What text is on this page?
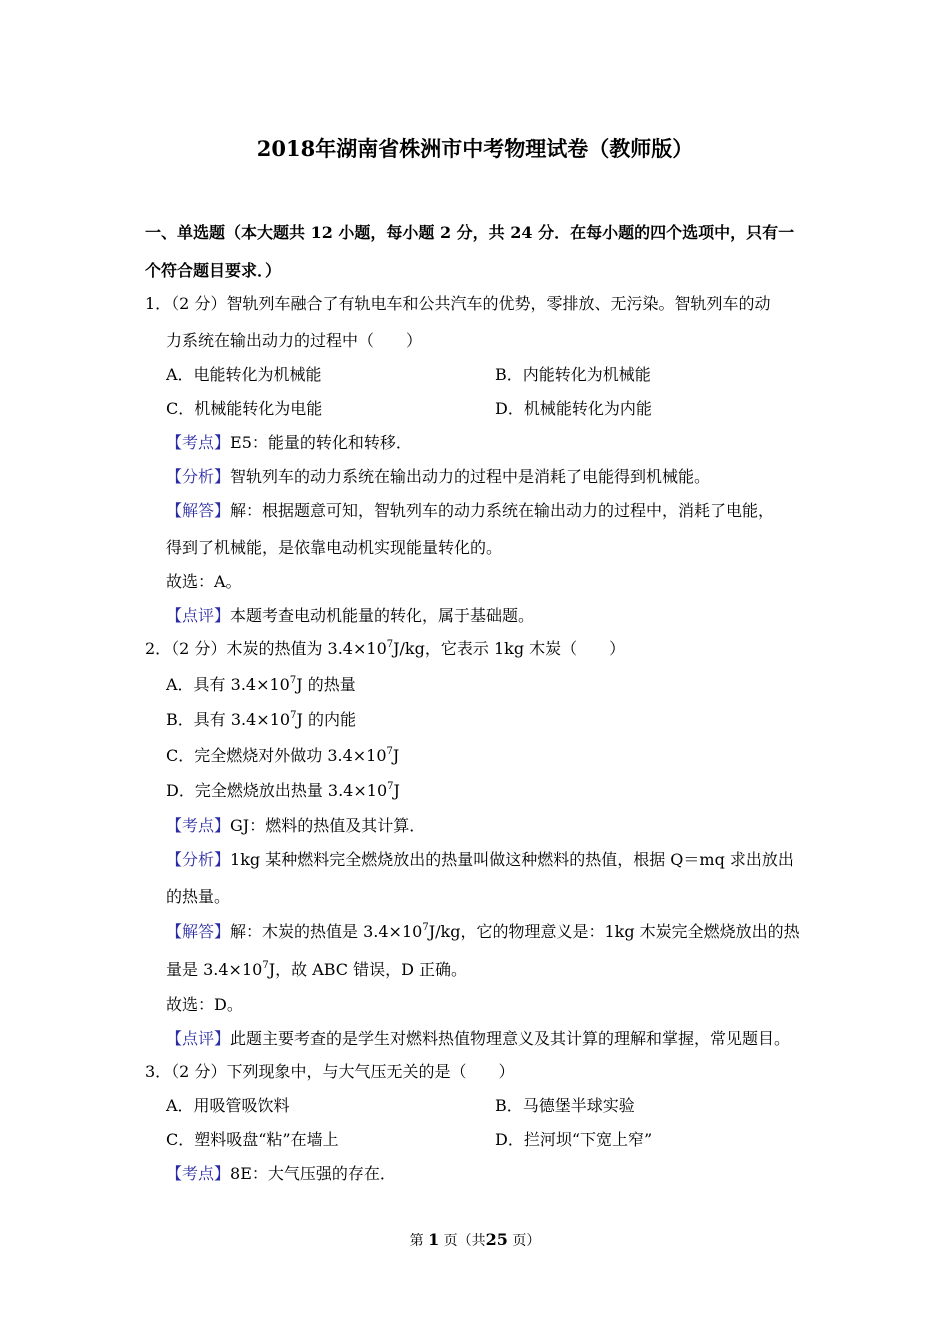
2018年湖南省株洲市中考物理试卷（教师版）
一、单选题（本大题共 12 小题，每小题 2 分，共 24 分．在每小题的四个选项中，只有一
个符合题目要求．）
1．（2 分）智轨列车融合了有轨电车和公共汽车的优势，零排放、无污染。智轨列车的动
力系统在输出动力的过程中（　　）
A．电能转化为机械能	B．内能转化为机械能
C．机械能转化为电能	D．机械能转化为内能
【考点】E5：能量的转化和转移．
【分析】智轨列车的动力系统在输出动力的过程中是消耗了电能得到机械能。
【解答】解：根据题意可知，智轨列车的动力系统在输出动力的过程中，消耗了电能，
得到了机械能，是依靠电动机实现能量转化的。
故选：A。
【点评】本题考查电动机能量的转化，属于基础题。
2．（2 分）木炭的热值为 $3.4\times 10^7J/kg$，它表示 1kg 木炭（　　）
A．具有 $3.4\times 10^7J$ 的热量
B．具有 $3.4\times 10^7J$ 的内能
C．完全燃烧对外做功 $3.4\times 10^7J$
D．完全燃烧放出热量 $3.4\times 10^7J$
【考点】GJ：燃料的热值及其计算．
【分析】1kg 某种燃料完全燃烧放出的热量叫做这种燃料的热值，根据 Q＝mq 求出放出
的热量。
【解答】解：木炭的热值是 $3.4\times 10^7J/kg$，它的物理意义是：1kg 木炭完全燃烧放出的热
量是 $3.4\times 10^7J$，故 ABC 错误，D 正确。
故选：D。
【点评】此题主要考查的是学生对燃料热值物理意义及其计算的理解和掌握，常见题目。
3．（2 分）下列现象中，与大气压无关的是（　　）
A．用吸管吸饮料	B．马德堡半球实验
C．塑料吸盘“粘”在墙上	D．拦河坝“下宽上窄”
【考点】8E：大气压强的存在．
第 1 页（共25 页）
